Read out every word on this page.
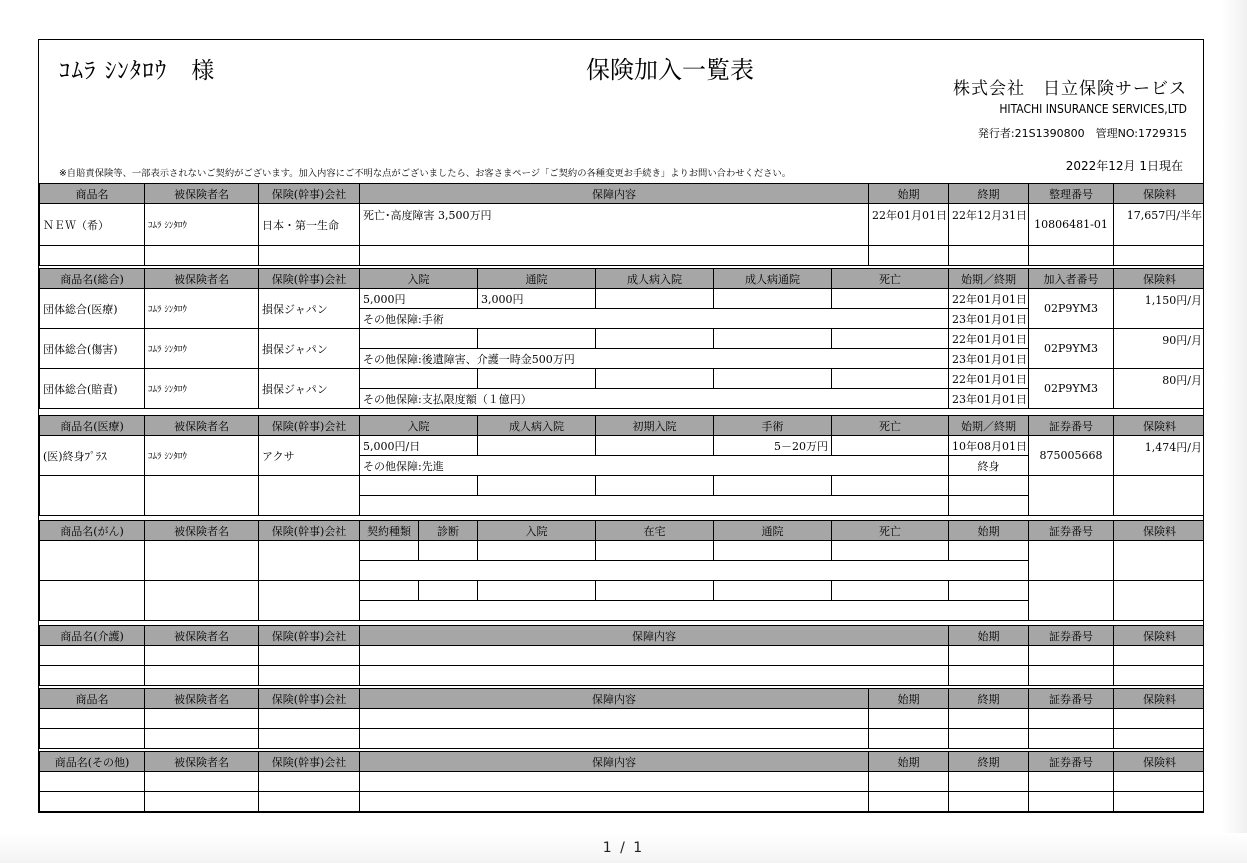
ｺﾑﾗ ｼﾝﾀﾛｳ　様	保険加入一覧表
株式会社　日立保険サービス
HITACHI INSURANCE SERVICES,LTD
発行者:21S1390800　管理NO:1729315
2022年12月 1日現在
※自賠責保険等、一部表示されないご契約がございます。加入内容にご不明な点がございましたら、お客さまページ「ご契約の各種変更お手続き」よりお問い合わせください。
商品名	被保険者名	保険(幹事)会社	保障内容	始期	終期	整理番号	保険料
ＮＥＷ（希）	ｺﾑﾗ ｼﾝﾀﾛｳ	日本・第一生命	死亡･高度障害 3,500万円	22年01月01日	22年12月31日	10806481-01	17,657円/半年

商品名(総合)	被保険者名	保険(幹事)会社	入院	通院	成人病入院	成人病通院	死亡	始期／終期	加入者番号	保険料
団体総合(医療)	ｺﾑﾗ ｼﾝﾀﾛｳ	損保ジャパン	5,000円	3,000円				22年01月01日	02P9YM3	1,150円/月
			その他保障:手術					23年01月01日		
団体総合(傷害)	ｺﾑﾗ ｼﾝﾀﾛｳ	損保ジャパン						22年01月01日	02P9YM3	90円/月
			その他保障:後遺障害、介護一時金500万円					23年01月01日		
団体総合(賠責)	ｺﾑﾗ ｼﾝﾀﾛｳ	損保ジャパン						22年01月01日	02P9YM3	80円/月
			その他保障:支払限度額（１億円）					23年01月01日		
商品名(医療)	被保険者名	保険(幹事)会社	入院	成人病入院	初期入院	手術	死亡	始期／終期	証券番号	保険料
(医)終身ﾌﾟﾗｽ	ｺﾑﾗ ｼﾝﾀﾛｳ	アクサ	5,000円/日			5－20万円		10年08月01日	875005668	1,474円/月
			その他保障:先進					終身		

商品名(がん)	被保険者名	保険(幹事)会社	契約種類	診断	入院	在宅	通院	死亡	始期	証券番号	保険料

商品名(介護)	被保険者名	保険(幹事)会社	保障内容	始期	証券番号	保険料

商品名	被保険者名	保険(幹事)会社	保障内容	始期	終期	証券番号	保険料

商品名(その他)	被保険者名	保険(幹事)会社	保障内容	始期	終期	証券番号	保険料

1 / 1
